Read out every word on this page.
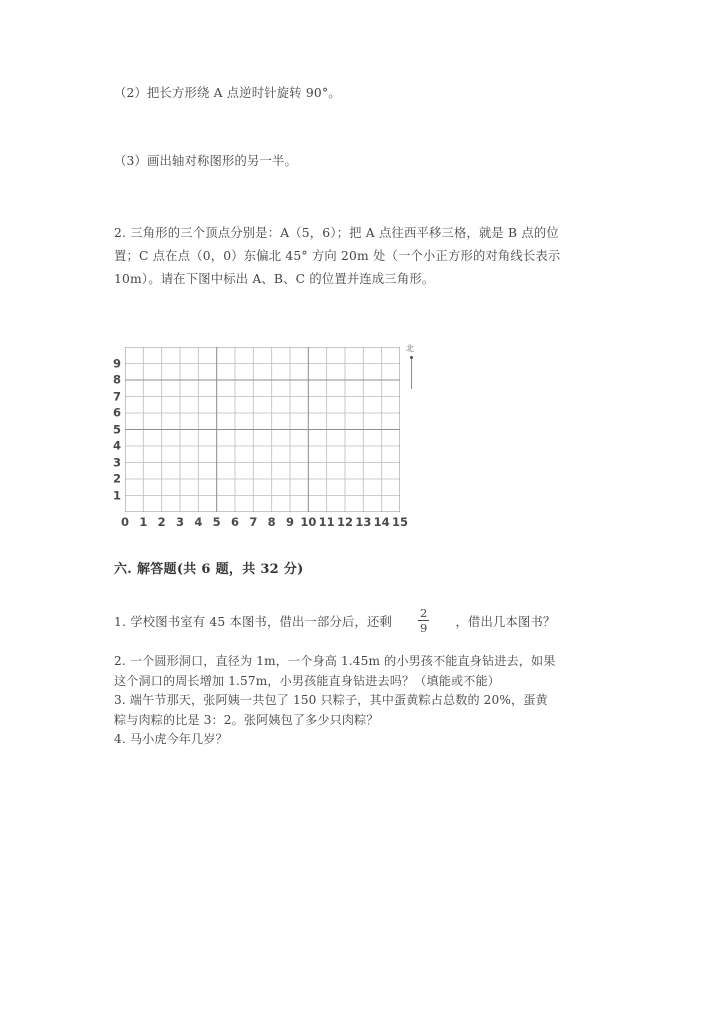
（2）把长方形绕 A 点逆时针旋转 90°。
（3）画出轴对称图形的另一半。
2. 三角形的三个顶点分别是：A（5，6）；把 A 点往西平移三格，就是 B 点的位
置；C 点在点（0，0）东偏北 45° 方向 20m 处（一个小正方形的对角线长表示
10m）。请在下图中标出 A、B、C 的位置并连成三角形。
1
2
3
4
5
6
7
8
9
0 1 2 3 4 5 6 7 8 9 10 11 12 13 14 15
北
六. 解答题(共 6 题，共 32 分)
1. 学校图书室有 45 本图书，借出一部分后，还剩 $\frac{2}{9}$ ，借出几本图书？
2. 一个圆形洞口，直径为 1m，一个身高 1.45m 的小男孩不能直身钻进去，如果
这个洞口的周长增加 1.57m，小男孩能直身钻进去吗？（填能或不能）
3. 端午节那天，张阿姨一共包了 150 只粽子，其中蛋黄粽占总数的 20%，蛋黄
粽与肉粽的比是 3：2。张阿姨包了多少只肉粽？
4. 马小虎今年几岁？
